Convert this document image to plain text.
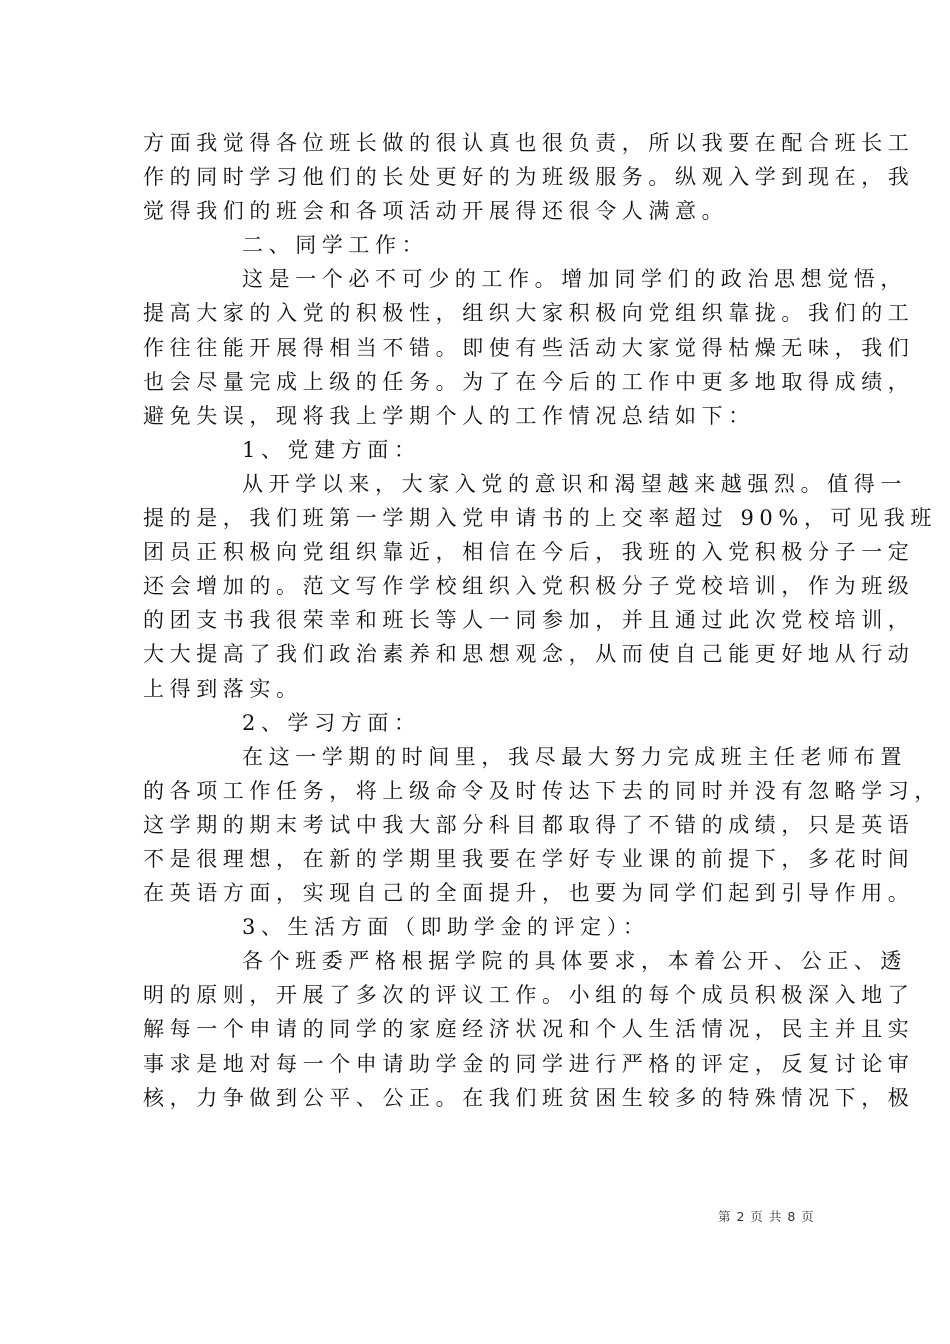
方面我觉得各位班长做的很认真也很负责，所以我要在配合班长工
作的同时学习他们的长处更好的为班级服务。纵观入学到现在，我
觉得我们的班会和各项活动开展得还很令人满意。
二、同学工作：
这是一个必不可少的工作。增加同学们的政治思想觉悟，
提高大家的入党的积极性，组织大家积极向党组织靠拢。我们的工
作往往能开展得相当不错。即使有些活动大家觉得枯燥无味，我们
也会尽量完成上级的任务。为了在今后的工作中更多地取得成绩，
避免失误，现将我上学期个人的工作情况总结如下：
1、党建方面：
从开学以来，大家入党的意识和渴望越来越强烈。值得一
提的是，我们班第一学期入党申请书的上交率超过 90%，可见我班
团员正积极向党组织靠近，相信在今后，我班的入党积极分子一定
还会增加的。范文写作学校组织入党积极分子党校培训，作为班级
的团支书我很荣幸和班长等人一同参加，并且通过此次党校培训，
大大提高了我们政治素养和思想观念，从而使自己能更好地从行动
上得到落实。
2、学习方面：
在这一学期的时间里，我尽最大努力完成班主任老师布置
的各项工作任务，将上级命令及时传达下去的同时并没有忽略学习，
这学期的期末考试中我大部分科目都取得了不错的成绩，只是英语
不是很理想，在新的学期里我要在学好专业课的前提下，多花时间
在英语方面，实现自己的全面提升，也要为同学们起到引导作用。
3、生活方面（即助学金的评定）：
各个班委严格根据学院的具体要求，本着公开、公正、透
明的原则，开展了多次的评议工作。小组的每个成员积极深入地了
解每一个申请的同学的家庭经济状况和个人生活情况，民主并且实
事求是地对每一个申请助学金的同学进行严格的评定，反复讨论审
核，力争做到公平、公正。在我们班贫困生较多的特殊情况下，极
第 2 页 共 8 页
